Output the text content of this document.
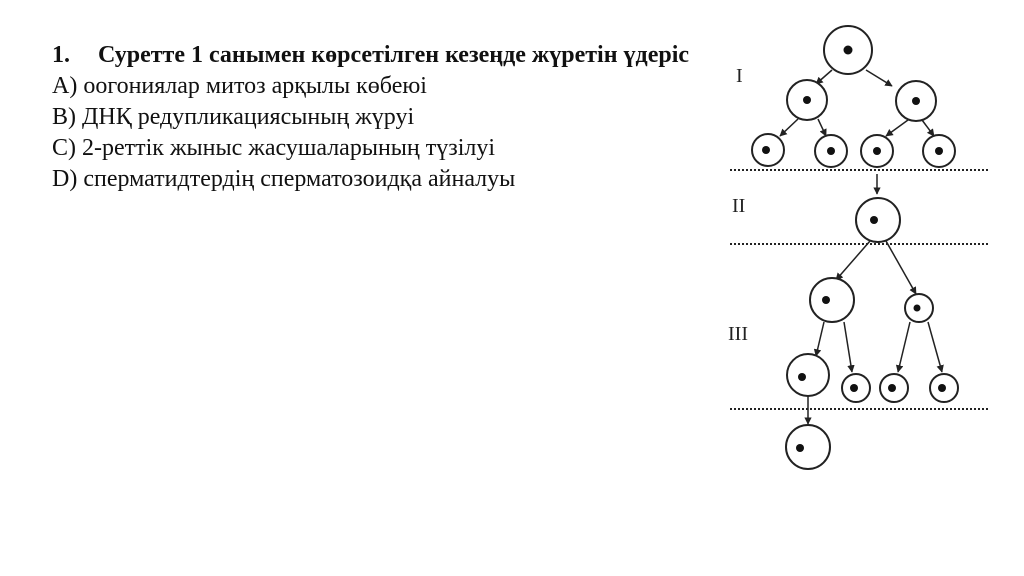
1. Суретте 1 санымен көрсетілген кезеңде жүретін үдеріс

A) оогониялар митоз арқылы көбеюі

B) ДНҚ редупликациясының жүруі

C) 2-реттік жыныс жасушаларының түзілуі

D) сперматидтердің сперматозоидқа айналуы

I
II
III
